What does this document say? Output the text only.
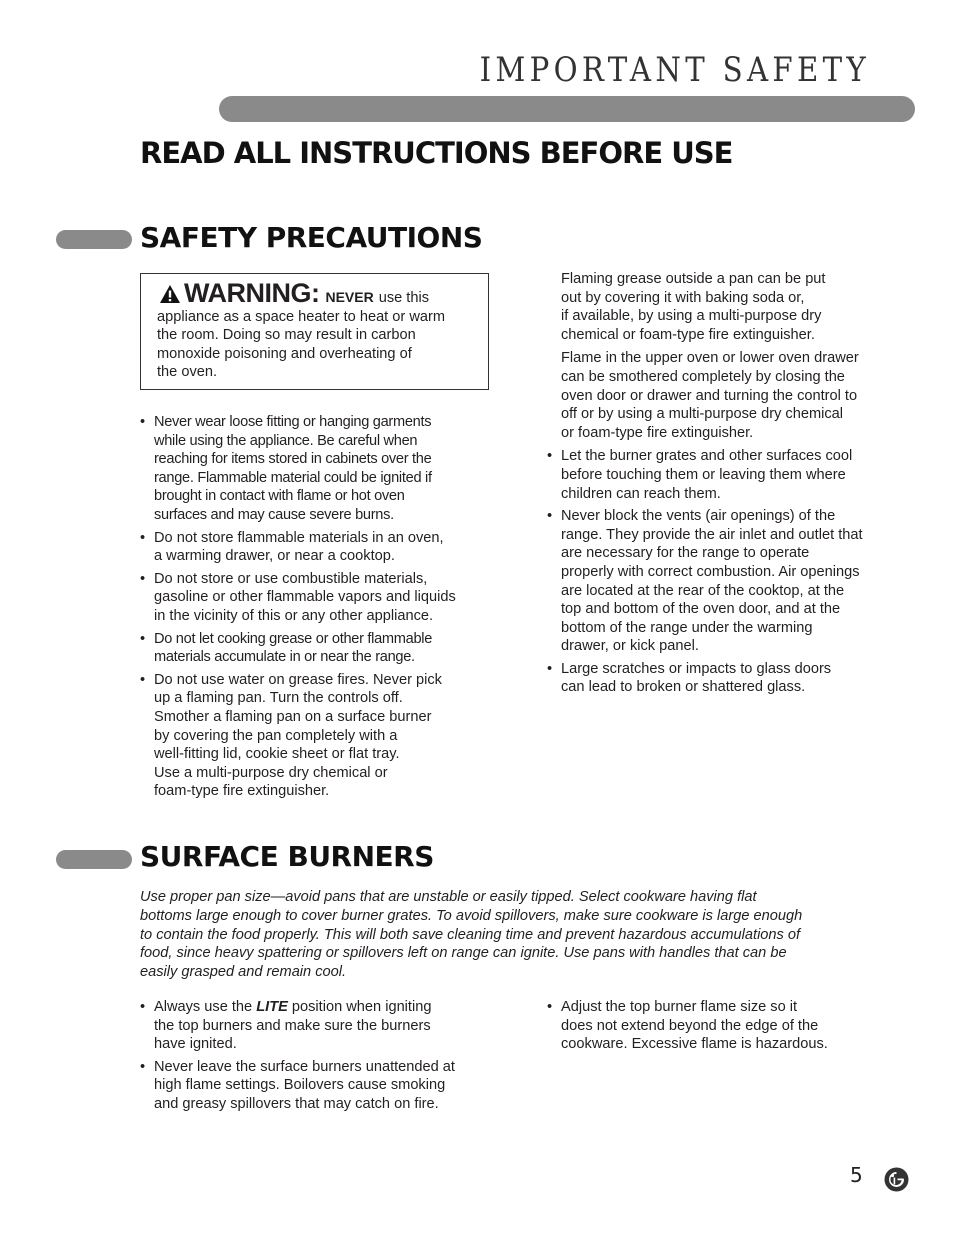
IMPORTANT SAFETY
READ ALL INSTRUCTIONS BEFORE USE
SAFETY PRECAUTIONS
WARNING: NEVER use this
appliance as a space heater to heat or warm
the room. Doing so may result in carbon
monoxide poisoning and overheating of
the oven.
• Never wear loose fitting or hanging garments
while using the appliance. Be careful when
reaching for items stored in cabinets over the
range. Flammable material could be ignited if
brought in contact with flame or hot oven
surfaces and may cause severe burns.
• Do not store flammable materials in an oven,
a warming drawer, or near a cooktop.
• Do not store or use combustible materials,
gasoline or other flammable vapors and liquids
in the vicinity of this or any other appliance.
• Do not let cooking grease or other flammable
materials accumulate in or near the range.
• Do not use water on grease fires. Never pick
up a flaming pan. Turn the controls off.
Smother a flaming pan on a surface burner
by covering the pan completely with a
well-fitting lid, cookie sheet or flat tray.
Use a multi-purpose dry chemical or
foam-type fire extinguisher.
Flaming grease outside a pan can be put
out by covering it with baking soda or,
if available, by using a multi-purpose dry
chemical or foam-type fire extinguisher.
Flame in the upper oven or lower oven drawer
can be smothered completely by closing the
oven door or drawer and turning the control to
off or by using a multi-purpose dry chemical
or foam-type fire extinguisher.
• Let the burner grates and other surfaces cool
before touching them or leaving them where
children can reach them.
• Never block the vents (air openings) of the
range. They provide the air inlet and outlet that
are necessary for the range to operate
properly with correct combustion. Air openings
are located at the rear of the cooktop, at the
top and bottom of the oven door, and at the
bottom of the range under the warming
drawer, or kick panel.
• Large scratches or impacts to glass doors
can lead to broken or shattered glass.
SURFACE BURNERS
Use proper pan size—avoid pans that are unstable or easily tipped. Select cookware having flat
bottoms large enough to cover burner grates. To avoid spillovers, make sure cookware is large enough
to contain the food properly. This will both save cleaning time and prevent hazardous accumulations of
food, since heavy spattering or spillovers left on range can ignite. Use pans with handles that can be
easily grasped and remain cool.
• Always use the LITE position when igniting
the top burners and make sure the burners
have ignited.
• Never leave the surface burners unattended at
high flame settings. Boilovers cause smoking
and greasy spillovers that may catch on fire.
• Adjust the top burner flame size so it
does not extend beyond the edge of the
cookware. Excessive flame is hazardous.
5
